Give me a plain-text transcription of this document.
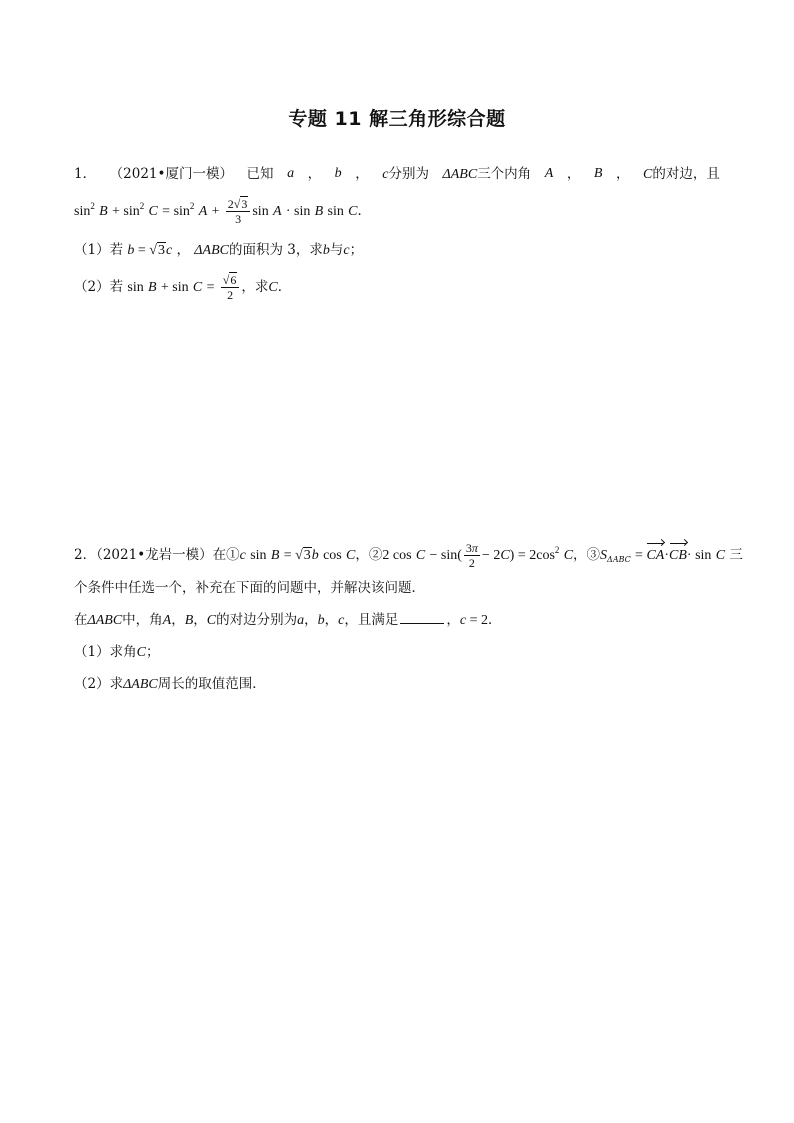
专题 11 解三角形综合题
1． （2021•厦门一模） 已知 a ， b ， c分别为 ΔABC三个内角 A ， B ， C的对边，且
$\sin^2 B + \sin^2 C = \sin^2 A + \frac{2√3}{3}$ sin A · sin B sin C．
（1）若 b = √3c ， ΔABC的面积为 3，求b与c；
（2）若 $\sin B + \sin C = \frac{√6}{2}$ ，求C．
2．（2021•龙岩一模）在①c sin B = √3b cos C，②2 $\cos C - \sin( \frac{3\pi}{2} - 2C) = 2\cos^2$ C，$③S_{\Delta ABC} = CA\cdot CB\cdot \sin C$ 三
个条件中任选一个，补充在下面的问题中，并解决该问题．
在ΔABC中，角A，B，C的对边分别为a，b，c，且满足	，c = 2．
（1）求角C；
（2）求ΔABC周长的取值范围．
